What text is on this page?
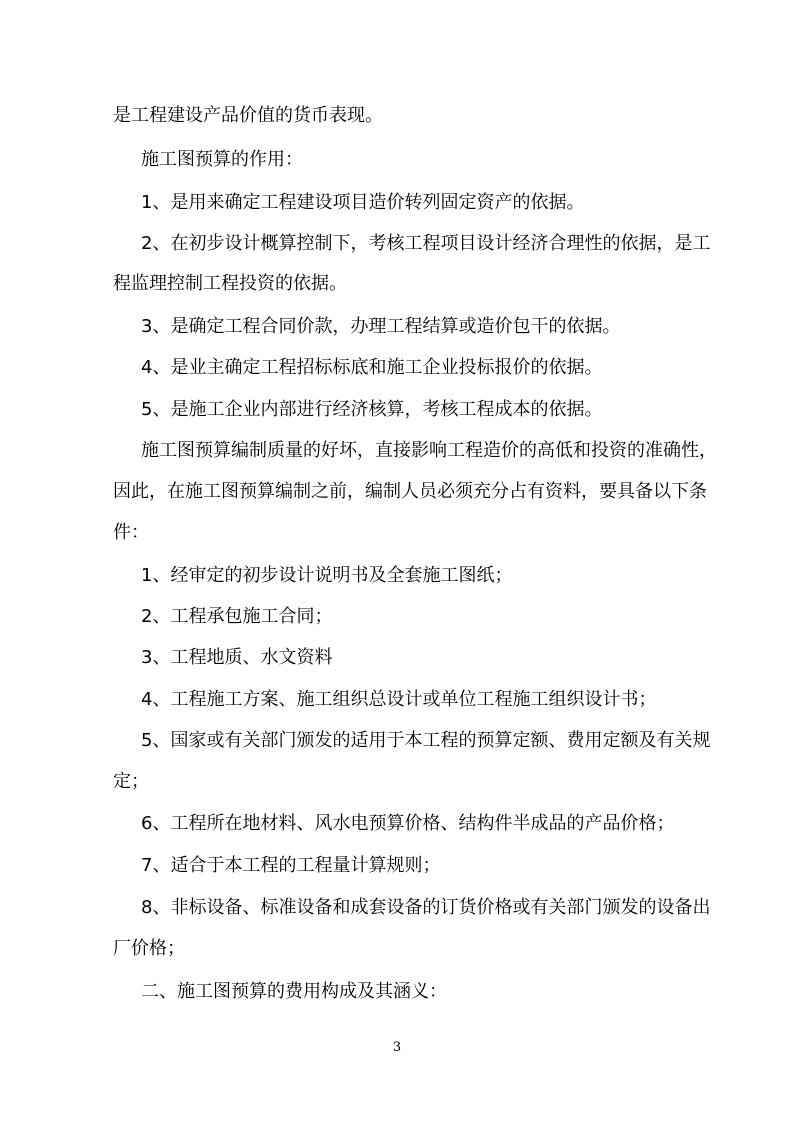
是工程建设产品价值的货币表现。

施工图预算的作用：

1、是用来确定工程建设项目造价转列固定资产的依据。

2、在初步设计概算控制下，考核工程项目设计经济合理性的依据，是工

程监理控制工程投资的依据。

3、是确定工程合同价款，办理工程结算或造价包干的依据。

4、是业主确定工程招标标底和施工企业投标报价的依据。

5、是施工企业内部进行经济核算，考核工程成本的依据。

施工图预算编制质量的好坏，直接影响工程造价的高低和投资的准确性，

因此，在施工图预算编制之前，编制人员必须充分占有资料，要具备以下条

件：

1、经审定的初步设计说明书及全套施工图纸；

2、工程承包施工合同；

3、工程地质、水文资料

4、工程施工方案、施工组织总设计或单位工程施工组织设计书；

5、国家或有关部门颁发的适用于本工程的预算定额、费用定额及有关规

定；

6、工程所在地材料、风水电预算价格、结构件半成品的产品价格；

7、适合于本工程的工程量计算规则；

8、非标设备、标准设备和成套设备的订货价格或有关部门颁发的设备出

厂价格；

二、施工图预算的费用构成及其涵义：

3
